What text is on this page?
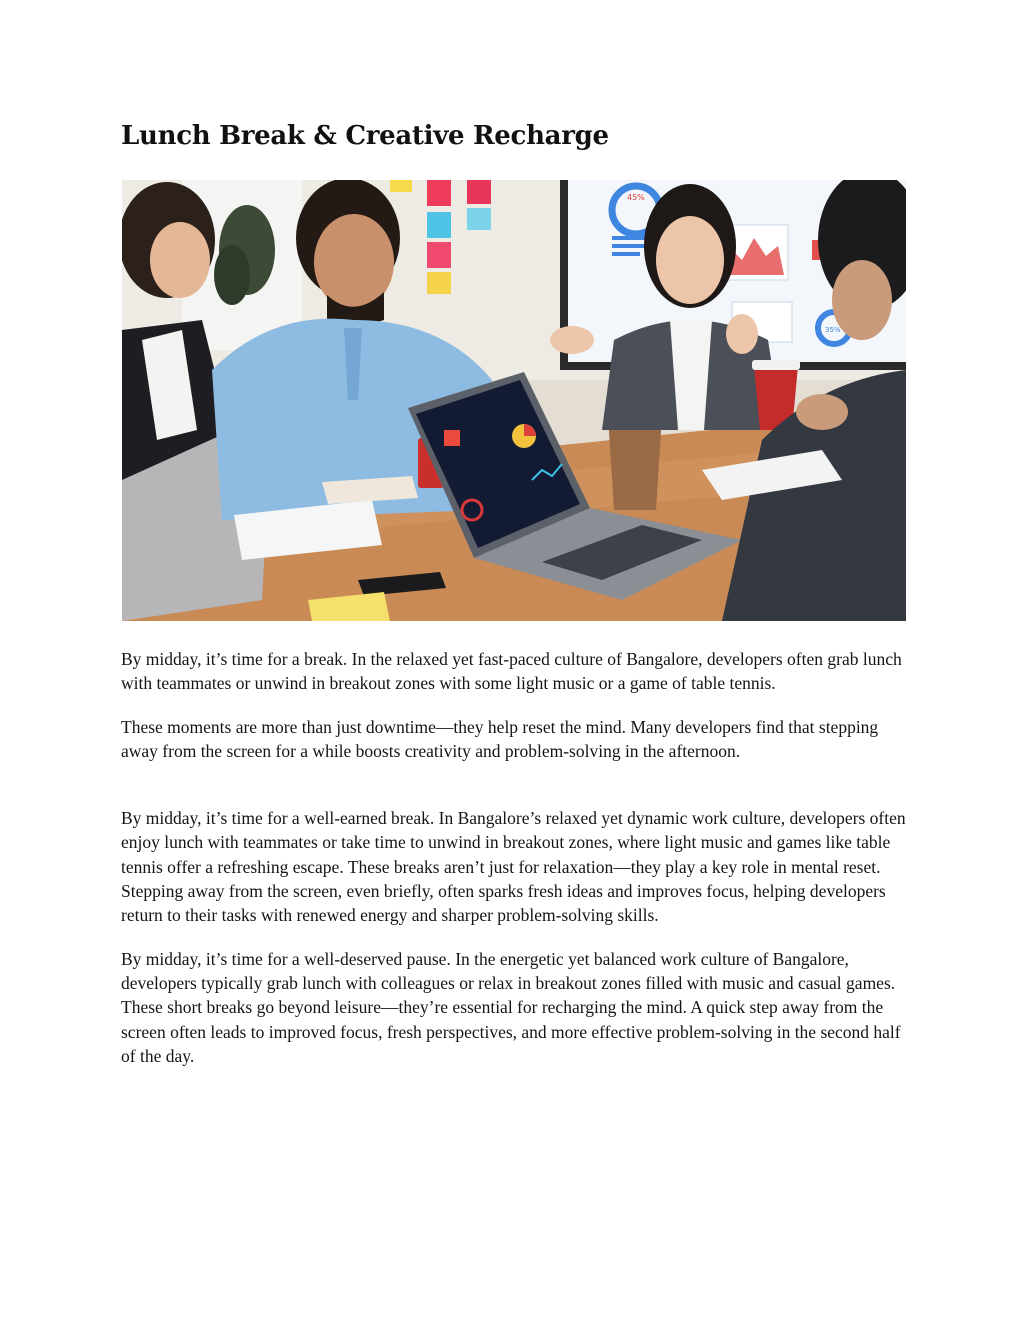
Lunch Break & Creative Recharge
45%
35%

By midday, it’s time for a break. In the relaxed yet fast-paced culture of Bangalore, developers often grab lunch with teammates or unwind in breakout zones with some light music or a game of table tennis.

These moments are more than just downtime—they help reset the mind. Many developers find that stepping away from the screen for a while boosts creativity and problem-solving in the afternoon.

By midday, it’s time for a well-earned break. In Bangalore’s relaxed yet dynamic work culture, developers often enjoy lunch with teammates or take time to unwind in breakout zones, where light music and games like table tennis offer a refreshing escape. These breaks aren’t just for relaxation—they play a key role in mental reset. Stepping away from the screen, even briefly, often sparks fresh ideas and improves focus, helping developers return to their tasks with renewed energy and sharper problem-solving skills.

By midday, it’s time for a well-deserved pause. In the energetic yet balanced work culture of Bangalore, developers typically grab lunch with colleagues or relax in breakout zones filled with music and casual games. These short breaks go beyond leisure—they’re essential for recharging the mind. A quick step away from the screen often leads to improved focus, fresh perspectives, and more effective problem-solving in the second half of the day.
